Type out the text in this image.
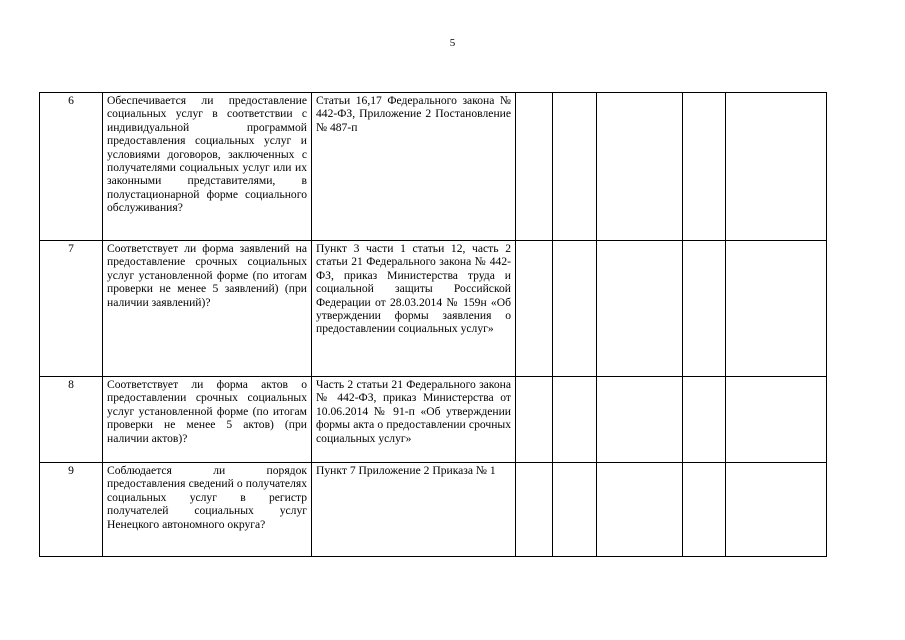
5
6	Обеспечивается ли предоставление социальных услуг в соответствии с индивидуальной программой предоставления социальных услуг и условиями договоров, заключенных с получателями социальных услуг или их законными представителями, в полустационарной форме социального обслуживания?	Статьи 16,17 Федерального закона № 442-ФЗ, Приложение 2 Постановление № 487-п					
7	Соответствует ли форма заявлений на предоставление срочных социальных услуг установленной форме (по итогам проверки не менее 5 заявлений) (при наличии заявлений)?	Пункт 3 части 1 статьи 12, часть 2 статьи 21 Федерального закона № 442-ФЗ, приказ Министерства труда и социальной защиты Российской Федерации от 28.03.2014 № 159н «Об утверждении формы заявления о предоставлении социальных услуг»					
8	Соответствует ли форма актов о предоставлении срочных социальных услуг установленной форме (по итогам проверки не менее 5 актов) (при наличии актов)?	Часть 2 статьи 21 Федерального закона № 442-ФЗ, приказ Министерства от 10.06.2014 № 91-п «Об утверждении формы акта о предоставлении срочных социальных услуг»					
9	Соблюдается ли порядок предоставления сведений о получателях социальных услуг в регистр получателей социальных услуг Ненецкого автономного округа?	Пункт 7 Приложение 2 Приказа № 1					
